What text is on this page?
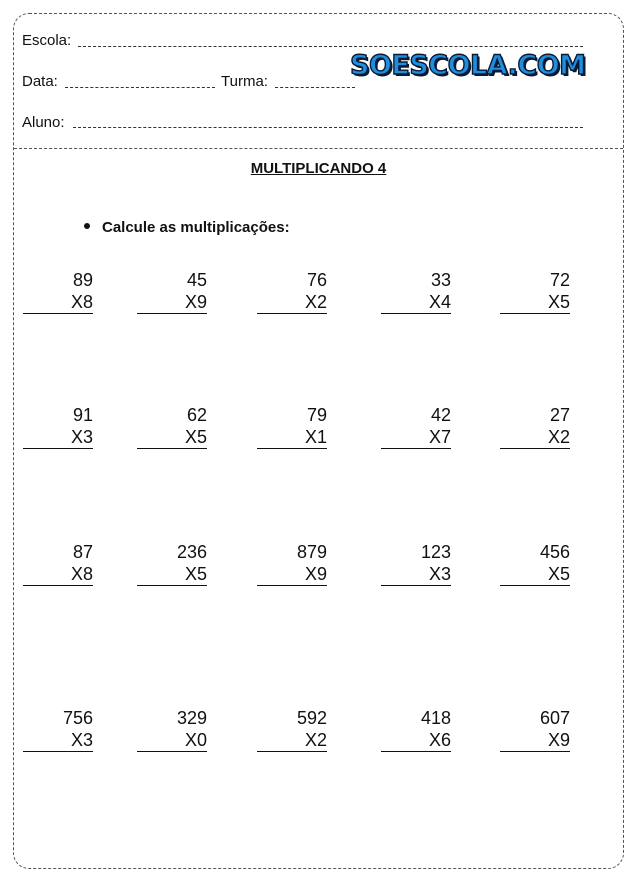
Escola:
Data:	Turma:
SOESCOLA.COM
Aluno:
MULTIPLICANDO 4
Calcule as multiplicações:
89
X8
45
X9
76
X2
33
X4
72
X5
91
X3
62
X5
79
X1
42
X7
27
X2
87
X8
236
X5
879
X9
123
X3
456
X5
756
X3
329
X0
592
X2
418
X6
607
X9
